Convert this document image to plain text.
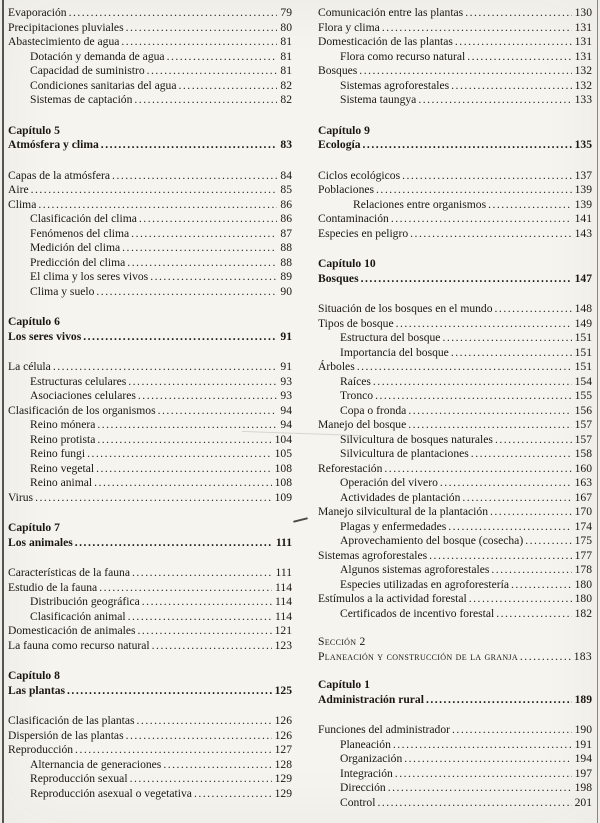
Evaporación .....	79
Precipitaciones pluviales .....	80
Abastecimiento de agua .....	81
Dotación y demanda de agua .....	81
Capacidad de suministro .....	81
Condiciones sanitarias del agua .....	82
Sistemas de captación .....	82
Capítulo 5
Atmósfera y clima .....	83
Capas de la atmósfera .....	84
Aire .....	85
Clima .....	86
Clasificación del clima .....	86
Fenómenos del clima .....	87
Medición del clima .....	88
Predicción del clima .....	88
El clima y los seres vivos .....	89
Clima y suelo .....	90
Capítulo 6
Los seres vivos .....	91
La célula .....	91
Estructuras celulares .....	93
Asociaciones celulares .....	93
Clasificación de los organismos .....	94
Reino mónera .....	94
Reino protista .....	104
Reino fungi .....	105
Reino vegetal .....	108
Reino animal .....	108
Virus .....	109
Capítulo 7
Los animales .....	111
Características de la fauna .....	111
Estudio de la fauna .....	114
Distribución geográfica .....	114
Clasificación animal .....	114
Domesticación de animales .....	121
La fauna como recurso natural .....	123
Capítulo 8
Las plantas .....	125
Clasificación de las plantas .....	126
Dispersión de las plantas .....	126
Reproducción .....	127
Alternancia de generaciones .....	128
Reproducción sexual .....	129
Reproducción asexual o vegetativa .....	129
Comunicación entre las plantas .....	130
Flora y clima .....	131
Domesticación de las plantas .....	131
Flora como recurso natural .....	131
Bosques .....	132
Sistemas agroforestales .....	132
Sistema taungya .....	133
Capítulo 9
Ecología .....	135
Ciclos ecológicos .....	137
Poblaciones .....	139
Relaciones entre organismos .....	139
Contaminación .....	141
Especies en peligro .....	143
Capítulo 10
Bosques .....	147
Situación de los bosques en el mundo .....	148
Tipos de bosque .....	149
Estructura del bosque .....	151
Importancia del bosque .....	151
Árboles .....	151
Raíces .....	154
Tronco .....	155
Copa o fronda .....	156
Manejo del bosque .....	157
Silvicultura de bosques naturales .....	157
Silvicultura de plantaciones .....	158
Reforestación .....	160
Operación del vivero .....	163
Actividades de plantación .....	167
Manejo silvicultural de la plantación .....	170
Plagas y enfermedades .....	174
Aprovechamiento del bosque (cosecha) .....	175
Sistemas agroforestales .....	177
Algunos sistemas agroforestales .....	178
Especies utilizadas en agroforestería .....	180
Estímulos a la actividad forestal .....	180
Certificados de incentivo forestal .....	182
Sección 2
Planeación y construcción de la granja .....	183
Capítulo 1
Administración rural .....	189
Funciones del administrador .....	190
Planeación .....	191
Organización .....	194
Integración .....	197
Dirección .....	198
Control .....	201
